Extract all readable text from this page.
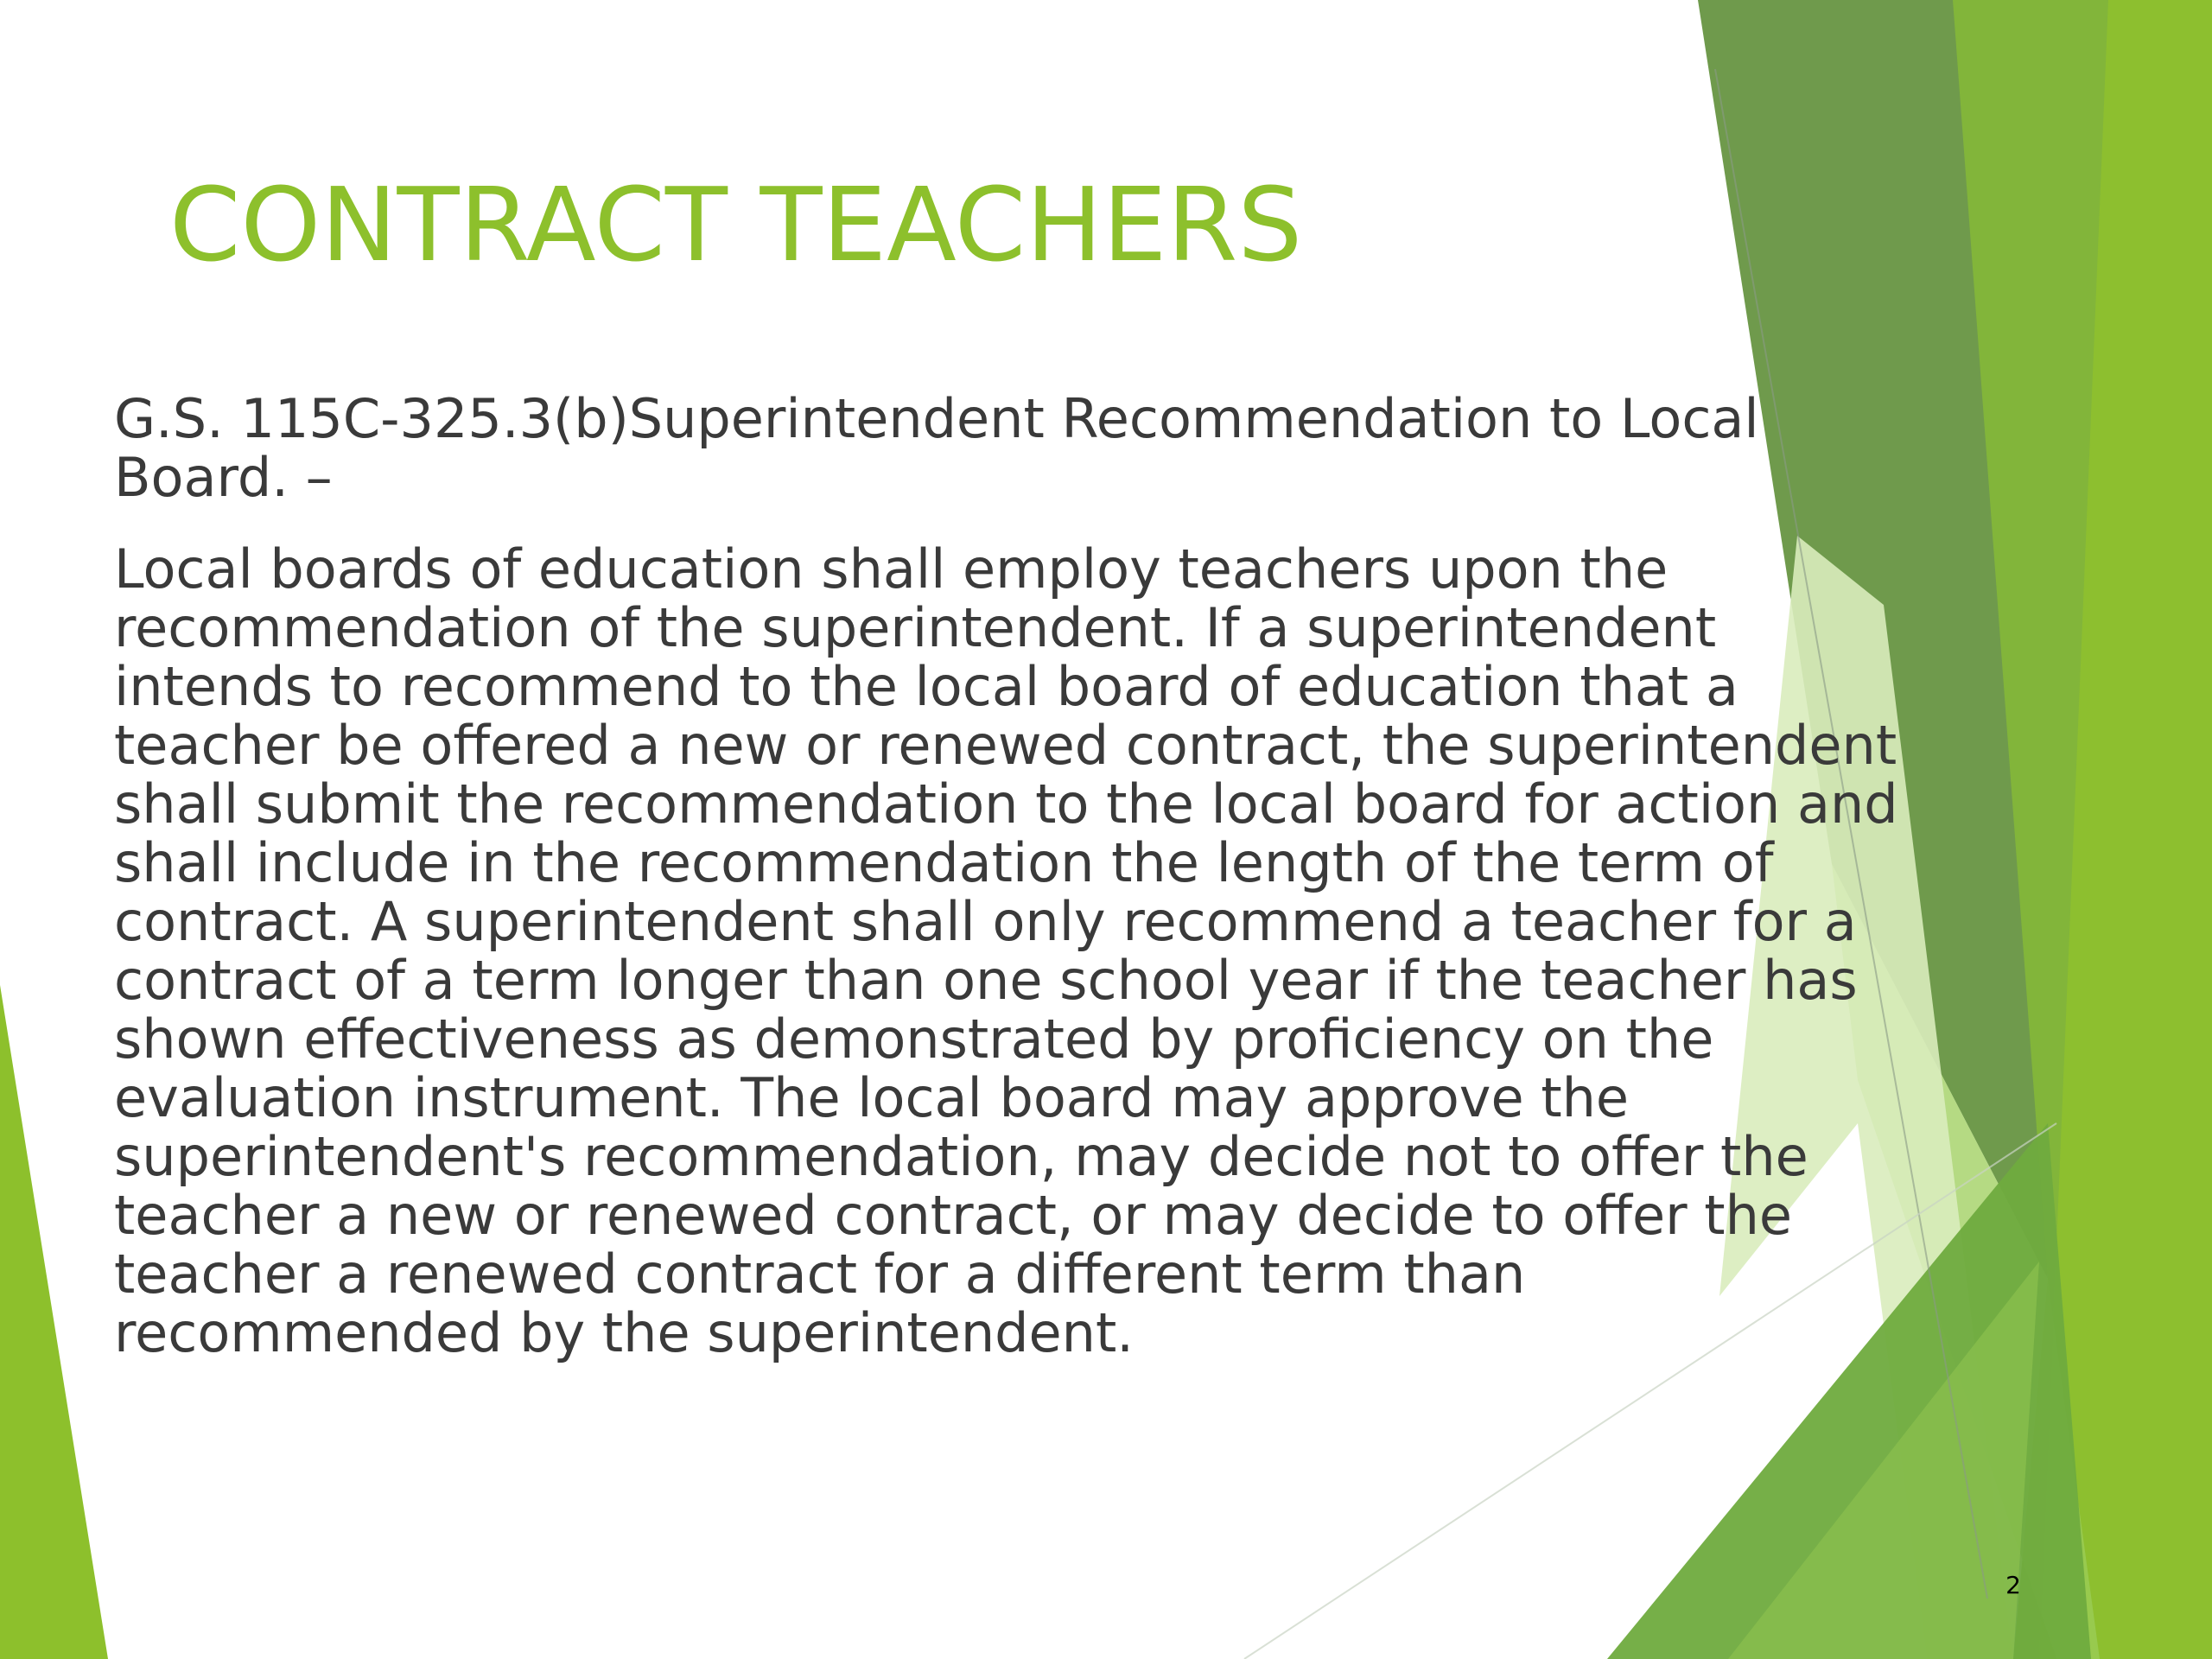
CONTRACT TEACHERS

G.S. 115C-325.3(b)Superintendent Recommendation to Local Board. –

Local boards of education shall employ teachers upon the recommendation of the superintendent. If a superintendent intends to recommend to the local board of education that a teacher be offered a new or renewed contract, the superintendent shall submit the recommendation to the local board for action and shall include in the recommendation the length of the term of contract. A superintendent shall only recommend a teacher for a contract of a term longer than one school year if the teacher has shown effectiveness as demonstrated by proficiency on the evaluation instrument. The local board may approve the superintendent's recommendation, may decide not to offer the teacher a new or renewed contract, or may decide to offer the teacher a renewed contract for a different term than recommended by the superintendent.

2
